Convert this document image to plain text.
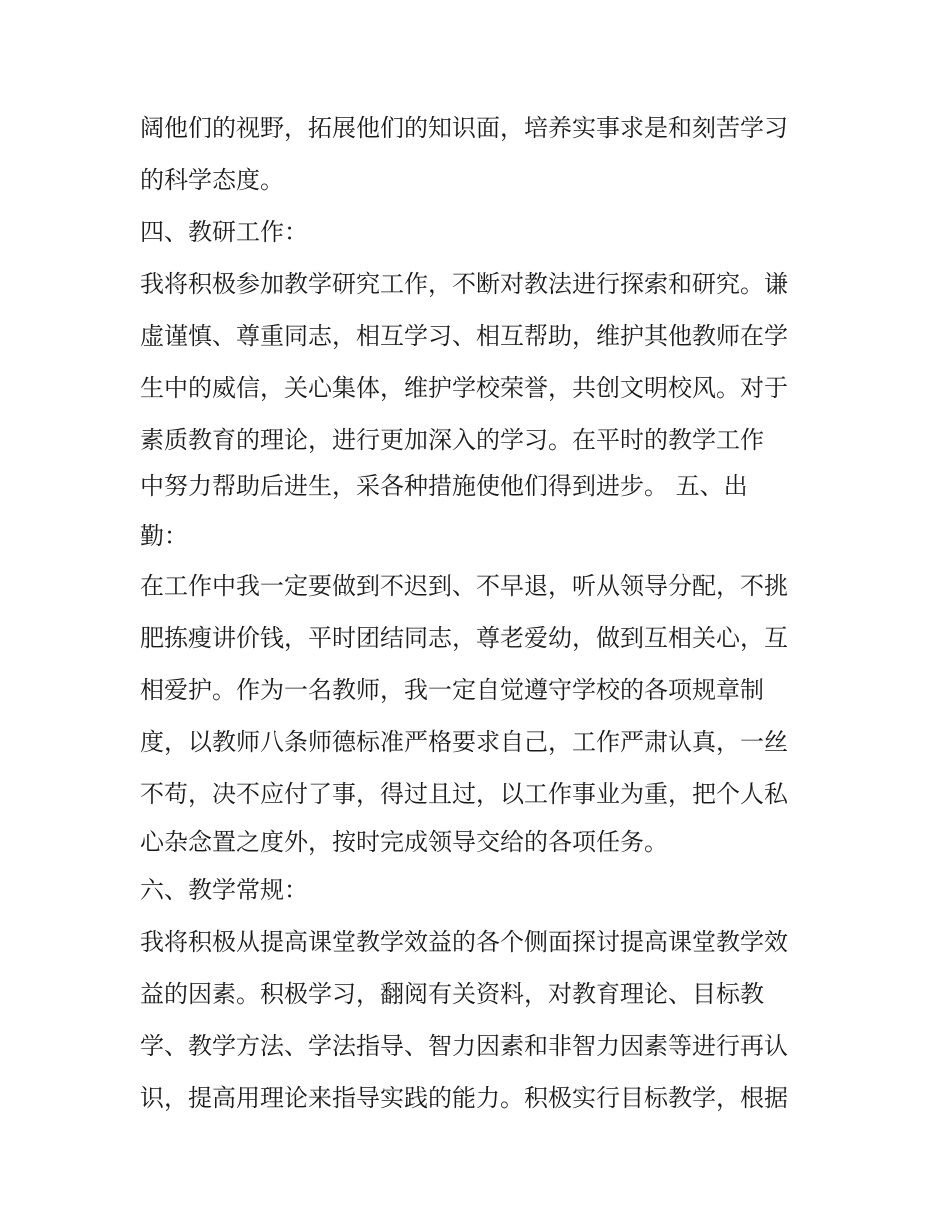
阔他们的视野，拓展他们的知识面，培养实事求是和刻苦学习
的科学态度。
四、教研工作：
我将积极参加教学研究工作，不断对教法进行探索和研究。谦
虚谨慎、尊重同志，相互学习、相互帮助，维护其他教师在学
生中的威信，关心集体，维护学校荣誉，共创文明校风。对于
素质教育的理论，进行更加深入的学习。在平时的教学工作
中努力帮助后进生，采各种措施使他们得到进步。 五、出
勤：
在工作中我一定要做到不迟到、不早退，听从领导分配，不挑
肥拣瘦讲价钱，平时团结同志，尊老爱幼，做到互相关心，互
相爱护。作为一名教师，我一定自觉遵守学校的各项规章制
度，以教师八条师德标准严格要求自己，工作严肃认真，一丝
不苟，决不应付了事，得过且过，以工作事业为重，把个人私
心杂念置之度外，按时完成领导交给的各项任务。
六、教学常规：
我将积极从提高课堂教学效益的各个侧面探讨提高课堂教学效
益的因素。积极学习，翻阅有关资料，对教育理论、目标教
学、教学方法、学法指导、智力因素和非智力因素等进行再认
识，提高用理论来指导实践的能力。积极实行目标教学，根据
